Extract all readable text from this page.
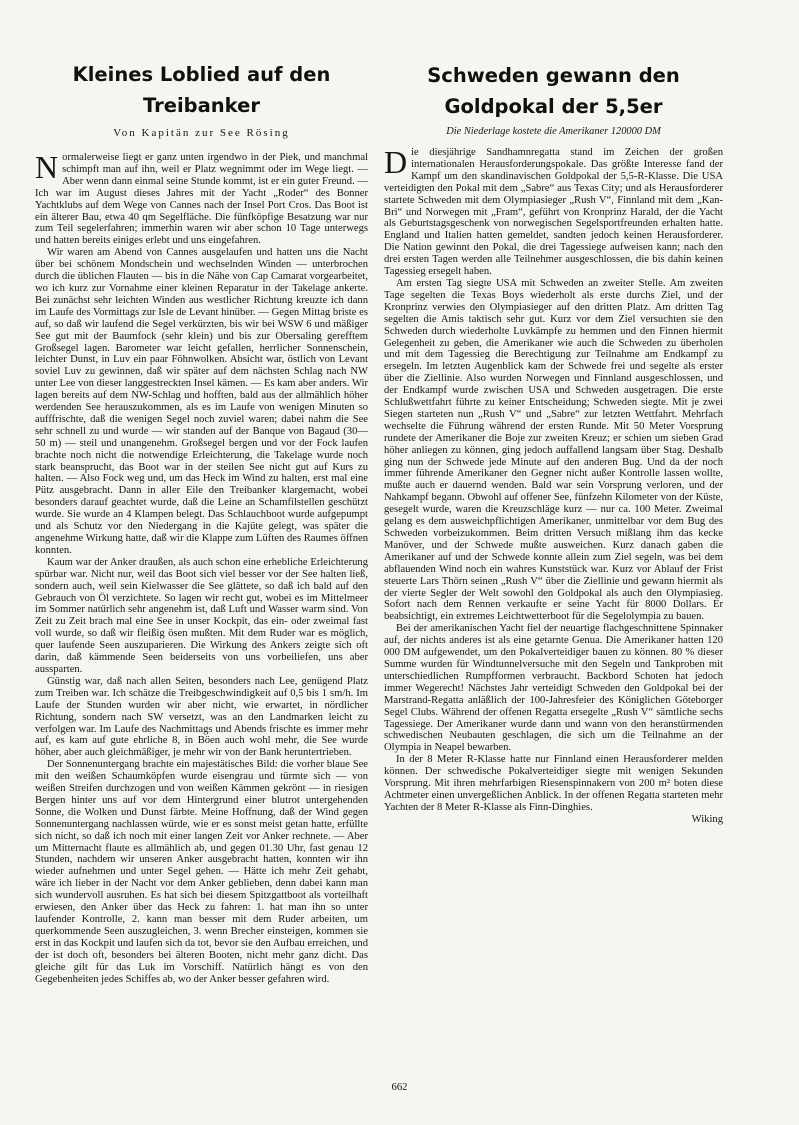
Kleines Loblied auf den
Treibanker

Von Kapitän zur See Rösing

Normalerweise liegt er ganz unten irgendwo in der Piek, und manchmal schimpft man auf ihn, weil er Platz wegnimmt oder im Wege liegt. — Aber wenn dann einmal seine Stunde kommt, ist er ein guter Freund. — Ich war im August dieses Jahres mit der Yacht „Roder“ des Bonner Yachtklubs auf dem Wege von Cannes nach der Insel Port Cros. Das Boot ist ein älterer Bau, etwa 40 qm Segelfläche. Die fünfköpfige Besatzung war nur zum Teil segelerfahren; immerhin waren wir aber schon 10 Tage unterwegs und hatten bereits einiges erlebt und uns eingefahren.

Wir waren am Abend von Cannes ausgelaufen und hatten uns die Nacht über bei schönem Mondschein und wechselnden Winden — unterbrochen durch die üblichen Flauten — bis in die Nähe von Cap Camarat vorgearbeitet, wo ich kurz zur Vornahme einer kleinen Reparatur in der Takelage ankerte. Bei zunächst sehr leichten Winden aus westlicher Richtung kreuzte ich dann im Laufe des Vormittags zur Isle de Levant hinüber. — Gegen Mittag briste es auf, so daß wir laufend die Segel verkürzten, bis wir bei WSW 6 und mäßiger See gut mit der Baumfock (sehr klein) und bis zur Obersaling gerefftem Großsegel lagen. Barometer war leicht gefallen, herrlicher Sonnenschein, leichter Dunst, in Luv ein paar Föhnwolken. Absicht war, östlich von Levant soviel Luv zu gewinnen, daß wir später auf dem nächsten Schlag nach NW unter Lee von dieser langgestreckten Insel kämen. — Es kam aber anders. Wir lagen bereits auf dem NW-Schlag und hofften, bald aus der allmählich höher werdenden See herauszukommen, als es im Laufe von wenigen Minuten so aufffrischte, daß die wenigen Segel noch zuviel waren; dabei nahm die See sehr schnell zu und wurde — wir standen auf der Banque von Bagaud (30—50 m) — steil und unangenehm. Großsegel bergen und vor der Fock laufen brachte noch nicht die notwendige Erleichterung, die Takelage wurde noch stark beansprucht, das Boot war in der steilen See nicht gut auf Kurs zu halten. — Also Fock weg und, um das Heck im Wind zu halten, erst mal eine Pütz ausgebracht. Dann in aller Eile den Treibanker klargemacht, wobei besonders darauf geachtet wurde, daß die Leine an Schamfilstellen geschützt wurde. Sie wurde an 4 Klampen belegt. Das Schlauchboot wurde aufgepumpt und als Schutz vor den Niedergang in die Kajüte gelegt, was später die angenehme Wirkung hatte, daß wir die Klappe zum Lüften des Raumes öffnen konnten.

Kaum war der Anker draußen, als auch schon eine erhebliche Erleichterung spürbar war. Nicht nur, weil das Boot sich viel besser vor der See halten ließ, sondern auch, weil sein Kielwasser die See glättete, so daß ich bald auf den Gebrauch von Öl verzichtete. So lagen wir recht gut, wobei es im Mittelmeer im Sommer natürlich sehr angenehm ist, daß Luft und Wasser warm sind. Von Zeit zu Zeit brach mal eine See in unser Kockpit, das ein- oder zweimal fast voll wurde, so daß wir fleißig ösen mußten. Mit dem Ruder war es möglich, quer laufende Seen auszuparieren. Die Wirkung des Ankers zeigte sich oft darin, daß kämmende Seen beiderseits von uns vorbeiliefen, uns aber aussparten.

Günstig war, daß nach allen Seiten, besonders nach Lee, genügend Platz zum Treiben war. Ich schätze die Treibgeschwindigkeit auf 0,5 bis 1 sm/h. Im Laufe der Stunden wurden wir aber nicht, wie erwartet, in nördlicher Richtung, sondern nach SW versetzt, was an den Landmarken leicht zu verfolgen war. Im Laufe des Nachmittags und Abends frischte es immer mehr auf, es kam auf gute ehrliche 8, in Böen auch wohl mehr, die See wurde höher, aber auch gleichmäßiger, je mehr wir von der Bank heruntertrieben.

Der Sonnenuntergang brachte ein majestätisches Bild: die vorher blaue See mit den weißen Schaumköpfen wurde eisengrau und türmte sich — von weißen Streifen durchzogen und von weißen Kämmen gekrönt — in riesigen Bergen hinter uns auf vor dem Hintergrund einer blutrot untergehenden Sonne, die Wolken und Dunst färbte. Meine Hoffnung, daß der Wind gegen Sonnenuntergang nachlassen würde, wie er es sonst meist getan hatte, erfüllte sich nicht, so daß ich noch mit einer langen Zeit vor Anker rechnete. — Aber um Mitternacht flaute es allmählich ab, und gegen 01.30 Uhr, fast genau 12 Stunden, nachdem wir unseren Anker ausgebracht hatten, konnten wir ihn wieder aufnehmen und unter Segel gehen. — Hätte ich mehr Zeit gehabt, wäre ich lieber in der Nacht vor dem Anker geblieben, denn dabei kann man sich wundervoll ausruhen. Es hat sich bei diesem Spitzgattboot als vorteilhaft erwiesen, den Anker über das Heck zu fahren: 1. hat man ihn so unter laufender Kontrolle, 2. kann man besser mit dem Ruder arbeiten, um querkommende Seen auszugleichen, 3. wenn Brecher einsteigen, kommen sie erst in das Kockpit und laufen sich da tot, bevor sie den Aufbau erreichen, und der ist doch oft, besonders bei älteren Booten, nicht mehr ganz dicht. Das gleiche gilt für das Luk im Vorschiff. Natürlich hängt es von den Gegebenheiten jedes Schiffes ab, wo der Anker besser gefahren wird.

Schweden gewann den
Goldpokal der 5,5er

Die Niederlage kostete die Amerikaner 120000 DM

Die diesjährige Sandhamnregatta stand im Zeichen der großen internationalen Herausforderungspokale. Das größte Interesse fand der Kampf um den skandinavischen Goldpokal der 5,5-R-Klasse. Die USA verteidigten den Pokal mit dem „Sabre“ aus Texas City; und als Herausforderer startete Schweden mit dem Olympiasieger „Rush V“, Finnland mit dem „Kan-Bri“ und Norwegen mit „Fram“, geführt von Kronprinz Harald, der die Yacht als Geburtstagsgeschenk von norwegischen Segelsportfreunden erhalten hatte. England und Italien hatten gemeldet, sandten jedoch keinen Herausforderer. Die Nation gewinnt den Pokal, die drei Tagessiege aufweisen kann; nach den drei ersten Tagen werden alle Teilnehmer ausgeschlossen, die bis dahin keinen Tagessieg ersegelt haben.

Am ersten Tag siegte USA mit Schweden an zweiter Stelle. Am zweiten Tage segelten die Texas Boys wiederholt als erste durchs Ziel, und der Kronprinz verwies den Olympiasieger auf den dritten Platz. Am dritten Tag segelten die Amis taktisch sehr gut. Kurz vor dem Ziel versuchten sie den Schweden durch wiederholte Luvkämpfe zu hemmen und den Finnen hiermit Gelegenheit zu geben, die Amerikaner wie auch die Schweden zu überholen und mit dem Tagessieg die Berechtigung zur Teilnahme am Endkampf zu ersegeln. Im letzten Augenblick kam der Schwede frei und segelte als erster über die Ziellinie. Also wurden Norwegen und Finnland ausgeschlossen, und der Endkampf wurde zwischen USA und Schweden ausgetragen. Die erste Schlußwettfahrt führte zu keiner Entscheidung; Schweden siegte. Mit je zwei Siegen starteten nun „Rush V“ und „Sabre“ zur letzten Wettfahrt. Mehrfach wechselte die Führung während der ersten Runde. Mit 50 Meter Vorsprung rundete der Amerikaner die Boje zur zweiten Kreuz; er schien um sieben Grad höher anliegen zu können, ging jedoch auffallend langsam über Stag. Deshalb ging nun der Schwede jede Minute auf den anderen Bug. Und da der noch immer führende Amerikaner den Gegner nicht außer Kontrolle lassen wollte, mußte auch er dauernd wenden. Bald war sein Vorsprung verloren, und der Nahkampf begann. Obwohl auf offener See, fünfzehn Kilometer von der Küste, gesegelt wurde, waren die Kreuzschläge kurz — nur ca. 100 Meter. Zweimal gelang es dem ausweichpflichtigen Amerikaner, unmittelbar vor dem Bug des Schweden vorbeizukommen. Beim dritten Versuch mißlang ihm das kecke Manöver, und der Schwede mußte ausweichen. Kurz danach gaben die Amerikaner auf und der Schwede konnte allein zum Ziel segeln, was bei dem abflauenden Wind noch ein wahres Kunststück war. Kurz vor Ablauf der Frist steuerte Lars Thörn seinen „Rush V“ über die Ziellinie und gewann hiermit als der vierte Segler der Welt sowohl den Goldpokal als auch den Olympiasieg. Sofort nach dem Rennen verkaufte er seine Yacht für 8000 Dollars. Er beabsichtigt, ein extremes Leichtwetterboot für die Segelolympia zu bauen.

Bei der amerikanischen Yacht fiel der neuartige flachgeschnittene Spinnaker auf, der nichts anderes ist als eine getarnte Genua. Die Amerikaner hatten 120 000 DM aufgewendet, um den Pokalverteidiger bauen zu können. 80 % dieser Summe wurden für Windtunnelversuche mit den Segeln und Tankproben mit unterschiedlichen Rumpfformen verbraucht. Backbord Schoten hat jedoch immer Wegerecht! Nächstes Jahr verteidigt Schweden den Goldpokal bei der Marstrand-Regatta anläßlich der 100-Jahresfeier des Königlichen Göteborger Segel Clubs. Während der offenen Regatta ersegelte „Rush V“ sämtliche sechs Tagessiege. Der Amerikaner wurde dann und wann von den heranstürmenden schwedischen Neubauten geschlagen, die sich um die Teilnahme an der Olympia in Neapel bewarben.

In der 8 Meter R-Klasse hatte nur Finnland einen Herausforderer melden können. Der schwedische Pokalverteidiger siegte mit wenigen Sekunden Vorsprung. Mit ihren mehrfarbigen Riesenspinnakern von 200 m² boten diese Achtmeter einen unvergeßlichen Anblick. In der offenen Regatta starteten mehr Yachten der 8 Meter R-Klasse als Finn-Dinghies.

Wiking

662
